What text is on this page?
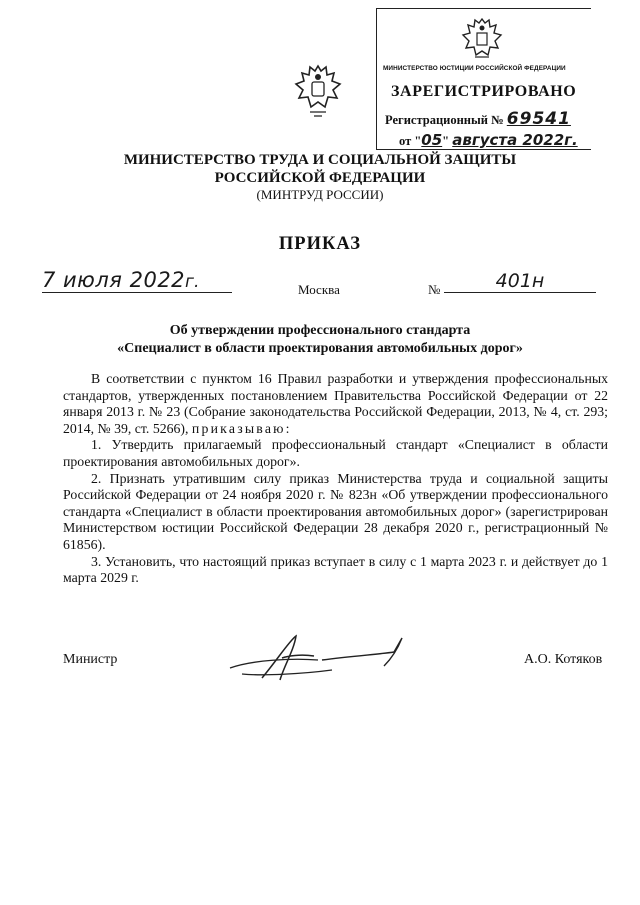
МИНИСТЕРСТВО ЮСТИЦИИ РОССИЙСКОЙ ФЕДЕРАЦИИ
ЗАРЕГИСТРИРОВАНО
Регистрационный № 69541
от "05" августа 2022г.
МИНИСТЕРСТВО ТРУДА И СОЦИАЛЬНОЙ ЗАЩИТЫ
РОССИЙСКОЙ ФЕДЕРАЦИИ
(МИНТРУД РОССИИ)
ПРИКАЗ
7 июля 2022г.	Москва	№	401н
Об утверждении профессионального стандарта
«Специалист в области проектирования автомобильных дорог»

В соответствии с пунктом 16 Правил разработки и утверждения профессиональных стандартов, утвержденных постановлением Правительства Российской Федерации от 22 января 2013 г. № 23 (Собрание законодательства Российской Федерации, 2013, № 4, ст. 293; 2014, № 39, ст. 5266), приказываю:

1. Утвердить прилагаемый профессиональный стандарт «Специалист в области проектирования автомобильных дорог».

2. Признать утратившим силу приказ Министерства труда и социальной защиты Российской Федерации от 24 ноября 2020 г. № 823н «Об утверждении профессионального стандарта «Специалист в области проектирования автомобильных дорог» (зарегистрирован Министерством юстиции Российской Федерации 28 декабря 2020 г., регистрационный № 61856).

3. Установить, что настоящий приказ вступает в силу с 1 марта 2023 г. и действует до 1 марта 2029 г.

Министр	А.О. Котяков
